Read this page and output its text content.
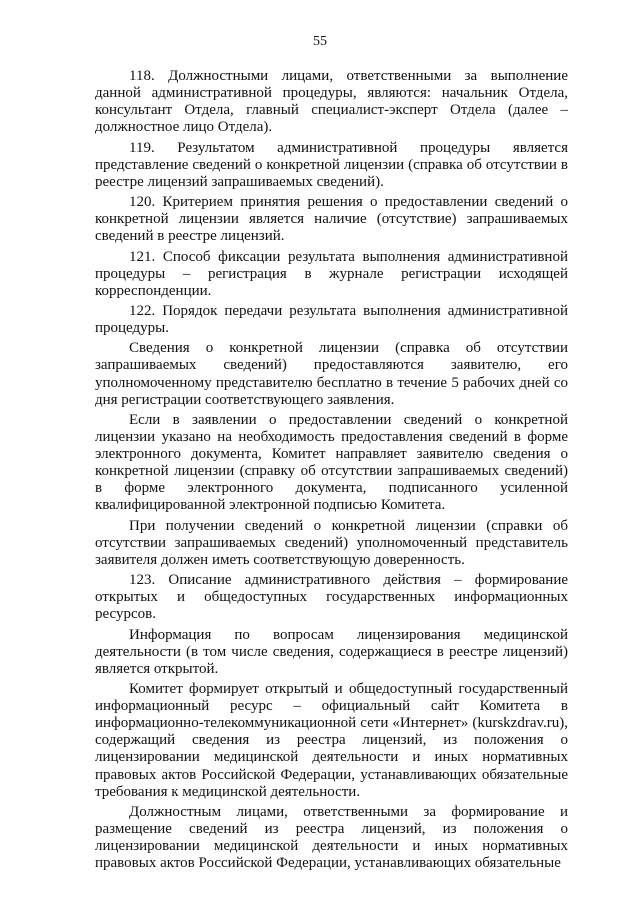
55

118. Должностными лицами, ответственными за выполнение данной административной процедуры, являются: начальник Отдела, консультант Отдела, главный специалист-эксперт Отдела (далее – должностное лицо Отдела).

119. Результатом административной процедуры является представление сведений о конкретной лицензии (справка об отсутствии в реестре лицензий запрашиваемых сведений).

120. Критерием принятия решения о предоставлении сведений о конкретной лицензии является наличие (отсутствие) запрашиваемых сведений в реестре лицензий.

121. Способ фиксации результата выполнения административной процедуры – регистрация в журнале регистрации исходящей корреспонденции.

122. Порядок передачи результата выполнения административной процедуры.

Сведения о конкретной лицензии (справка об отсутствии запрашиваемых сведений) предоставляются заявителю, его уполномоченному представителю бесплатно в течение 5 рабочих дней со дня регистрации соответствующего заявления.

Если в заявлении о предоставлении сведений о конкретной лицензии указано на необходимость предоставления сведений в форме электронного документа, Комитет направляет заявителю сведения о конкретной лицензии (справку об отсутствии запрашиваемых сведений) в форме электронного документа, подписанного усиленной квалифицированной электронной подписью Комитета.

При получении сведений о конкретной лицензии (справки об отсутствии запрашиваемых сведений) уполномоченный представитель заявителя должен иметь соответствующую доверенность.

123. Описание административного действия – формирование открытых и общедоступных государственных информационных ресурсов.

Информация по вопросам лицензирования медицинской деятельности (в том числе сведения, содержащиеся в реестре лицензий) является открытой.

Комитет формирует открытый и общедоступный государственный информационный ресурс – официальный сайт Комитета в информационно-телекоммуникационной сети «Интернет» (kurskzdrav.ru), содержащий сведения из реестра лицензий, из положения о лицензировании медицинской деятельности и иных нормативных правовых актов Российской Федерации, устанавливающих обязательные требования к медицинской деятельности.

Должностным лицами, ответственными за формирование и размещение сведений из реестра лицензий, из положения о лицензировании медицинской деятельности и иных нормативных правовых актов Российской Федерации, устанавливающих обязательные
